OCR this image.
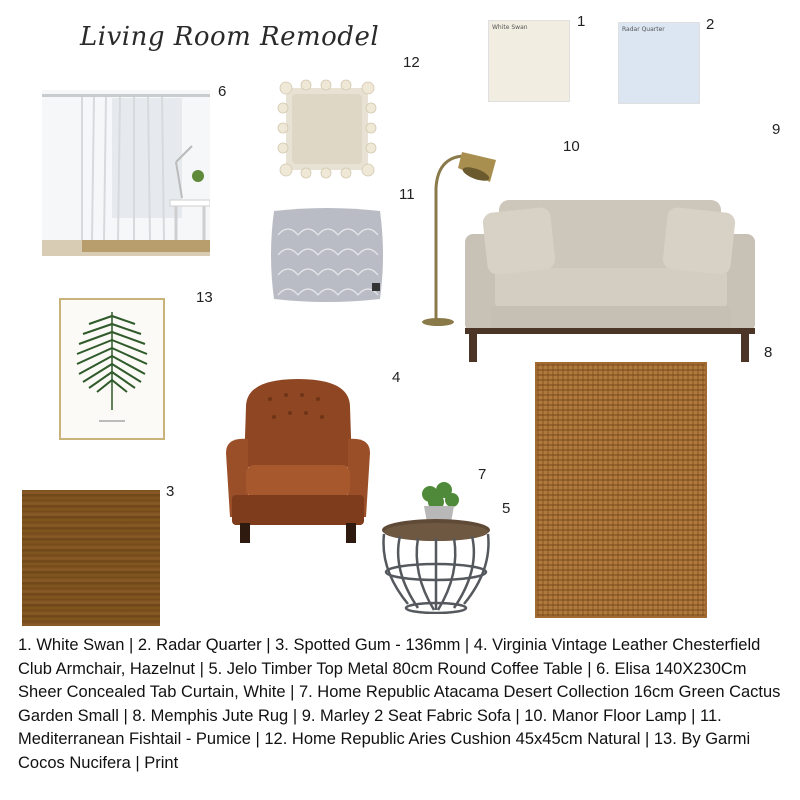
Living Room Remodel	White Swan	1	Radar Quarter	2
6
12
10
11
9
8
13
4
3
7
5
1. White Swan | 2. Radar Quarter | 3. Spotted Gum - 136mm | 4. Virginia Vintage Leather Chesterfield Club Armchair, Hazelnut | 5. Jelo Timber Top Metal 80cm Round Coffee Table | 6. Elisa 140X230Cm Sheer Concealed Tab Curtain, White | 7. Home Republic Atacama Desert Collection 16cm Green Cactus Garden Small | 8. Memphis Jute Rug | 9. Marley 2 Seat Fabric Sofa | 10. Manor Floor Lamp | 11. Mediterranean Fishtail - Pumice | 12. Home Republic Aries Cushion 45x45cm Natural | 13. By Garmi Cocos Nucifera | Print
